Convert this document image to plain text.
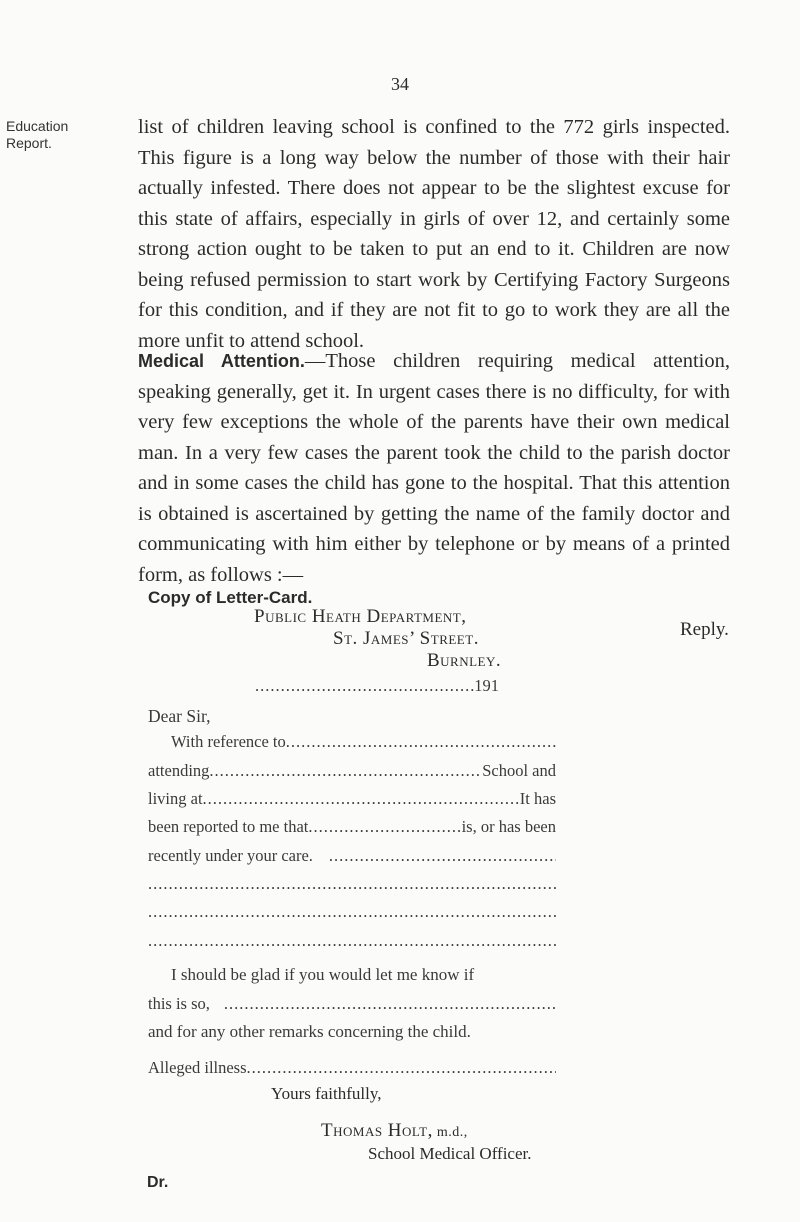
34
Education
Report.
list of children leaving school is confined to the 772 girls inspected. This figure is a long way below the number of those with their hair actually infested. There does not appear to be the slightest excuse for this state of affairs, especially in girls of over 12, and certainly some strong action ought to be taken to put an end to it. Children are now being refused permission to start work by Certifying Factory Surgeons for this condition, and if they are not fit to go to work they are all the more unfit to attend school.
Medical Attention.—Those children requiring medical attention, speaking generally, get it. In urgent cases there is no difficulty, for with very few exceptions the whole of the parents have their own medical man. In a very few cases the parent took the child to the parish doctor and in some cases the child has gone to the hospital. That this attention is obtained is ascertained by getting the name of the family doctor and communicating with him either by telephone or by means of a printed form, as follows :—
Copy of Letter-Card.
Public Heath Department,
St. James’ Street.
Burnley.
Reply.
.....
191
Dear Sir,
With reference to
.....
attending .....	School and
living at .....	It has
been reported to me that .....	is, or has been
recently under your care.
.....
.....
.....
.....
I should be glad if you would let me know if
this is so,
.....
and for any other remarks concerning the child.
Alleged illness
.....
Yours faithfully,
Thomas Holt, m.d.,
School Medical Officer.
Dr.
